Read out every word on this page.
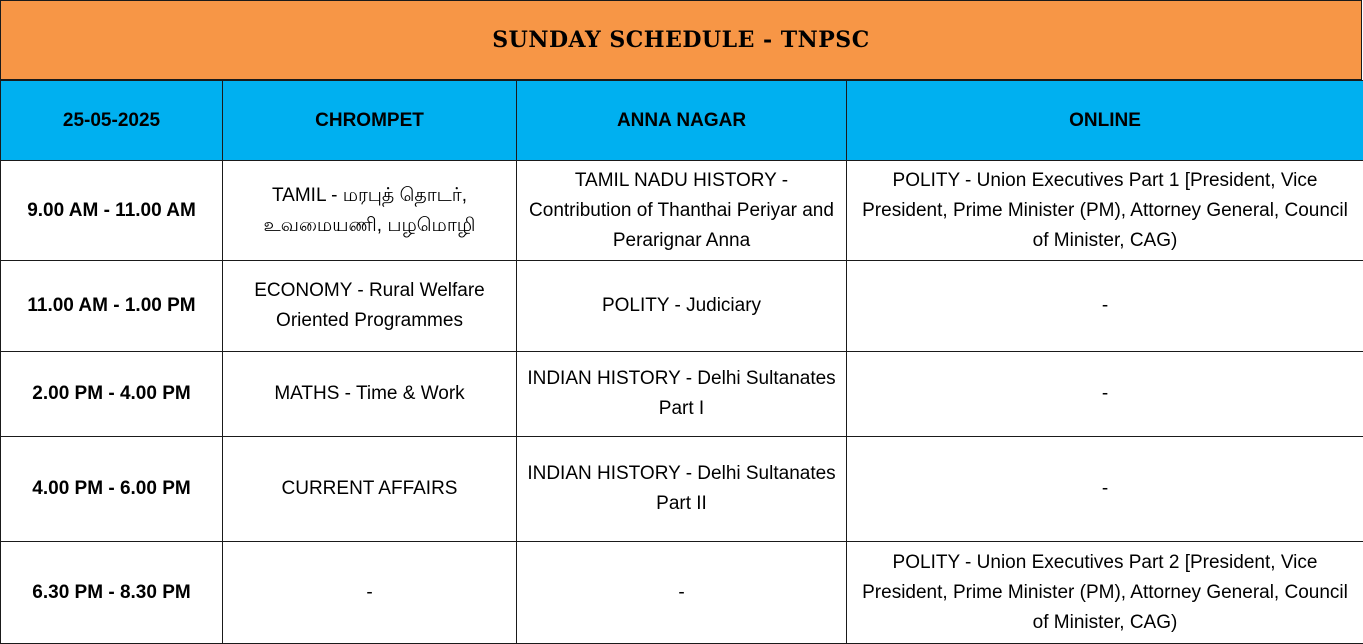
SUNDAY SCHEDULE - TNPSC
25-05-2025	CHROMPET	ANNA NAGAR	ONLINE
9.00 AM - 11.00 AM	TAMIL - மரபுத் தொடர், உவமையணி, பழமொழி	TAMIL NADU HISTORY - Contribution of Thanthai Periyar and Perarignar Anna	POLITY - Union Executives Part 1 [President, Vice President, Prime Minister (PM), Attorney General, Council of Minister, CAG)
11.00 AM - 1.00 PM	ECONOMY - Rural Welfare Oriented Programmes	POLITY - Judiciary	-
2.00 PM - 4.00 PM	MATHS - Time & Work	INDIAN HISTORY - Delhi Sultanates Part I	-
4.00 PM - 6.00 PM	CURRENT AFFAIRS	INDIAN HISTORY - Delhi Sultanates Part II	-
6.30 PM - 8.30 PM	-	-	POLITY - Union Executives Part 2 [President, Vice President, Prime Minister (PM), Attorney General, Council of Minister, CAG)
